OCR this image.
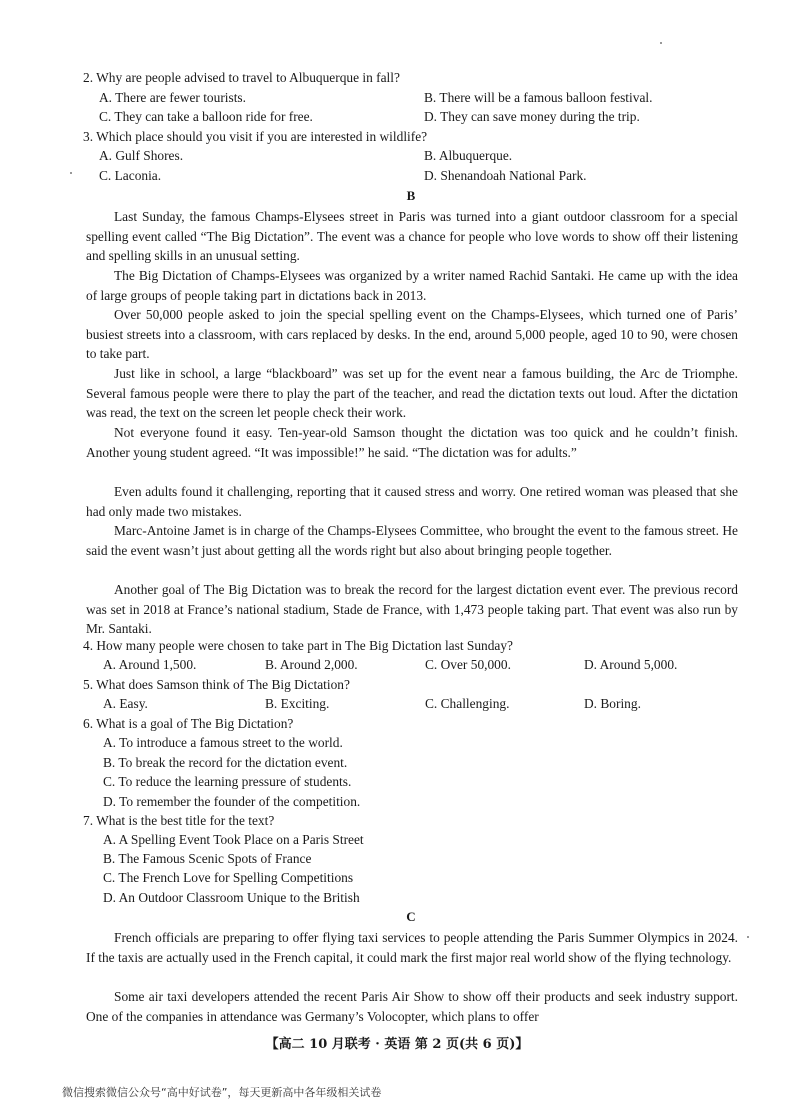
2. Why are people advised to travel to Albuquerque in fall?
A. There are fewer tourists.	B. There will be a famous balloon festival.
C. They can take a balloon ride for free.	D. They can save money during the trip.
3. Which place should you visit if you are interested in wildlife?
A. Gulf Shores.	B. Albuquerque.
C. Laconia.	D. Shenandoah National Park.
B
Last Sunday, the famous Champs-Elysees street in Paris was turned into a giant outdoor classroom for a special spelling event called “The Big Dictation”. The event was a chance for people who love words to show off their listening and spelling skills in an unusual setting.
The Big Dictation of Champs-Elysees was organized by a writer named Rachid Santaki. He came up with the idea of large groups of people taking part in dictations back in 2013.
Over 50,000 people asked to join the special spelling event on the Champs-Elysees, which turned one of Paris’ busiest streets into a classroom, with cars replaced by desks. In the end, around 5,000 people, aged 10 to 90, were chosen to take part.
Just like in school, a large “blackboard” was set up for the event near a famous building, the Arc de Triomphe. Several famous people were there to play the part of the teacher, and read the dictation texts out loud. After the dictation was read, the text on the screen let people check their work.
Not everyone found it easy. Ten-year-old Samson thought the dictation was too quick and he couldn’t finish. Another young student agreed. “It was impossible!” he said. “The dictation was for adults.”
Even adults found it challenging, reporting that it caused stress and worry. One retired woman was pleased that she had only made two mistakes.
Marc-Antoine Jamet is in charge of the Champs-Elysees Committee, who brought the event to the famous street. He said the event wasn’t just about getting all the words right but also about bringing people together.
Another goal of The Big Dictation was to break the record for the largest dictation event ever. The previous record was set in 2018 at France’s national stadium, Stade de France, with 1,473 people taking part. That event was also run by Mr. Santaki.
4. How many people were chosen to take part in The Big Dictation last Sunday?
A. Around 1,500.	B. Around 2,000.	C. Over 50,000.	D. Around 5,000.
5. What does Samson think of The Big Dictation?
A. Easy.	B. Exciting.	C. Challenging.	D. Boring.
6. What is a goal of The Big Dictation?
A. To introduce a famous street to the world.
B. To break the record for the dictation event.
C. To reduce the learning pressure of students.
D. To remember the founder of the competition.
7. What is the best title for the text?
A. A Spelling Event Took Place on a Paris Street
B. The Famous Scenic Spots of France
C. The French Love for Spelling Competitions
D. An Outdoor Classroom Unique to the British
C
French officials are preparing to offer flying taxi services to people attending the Paris Summer Olympics in 2024. If the taxis are actually used in the French capital, it could mark the first major real world show of the flying technology.
Some air taxi developers attended the recent Paris Air Show to show off their products and seek industry support. One of the companies in attendance was Germany’s Volocopter, which plans to offer
【高二 10 月联考 · 英语 第 2 页(共 6 页)】
微信搜索微信公众号“高中好试卷”，每天更新高中各年级相关试卷
